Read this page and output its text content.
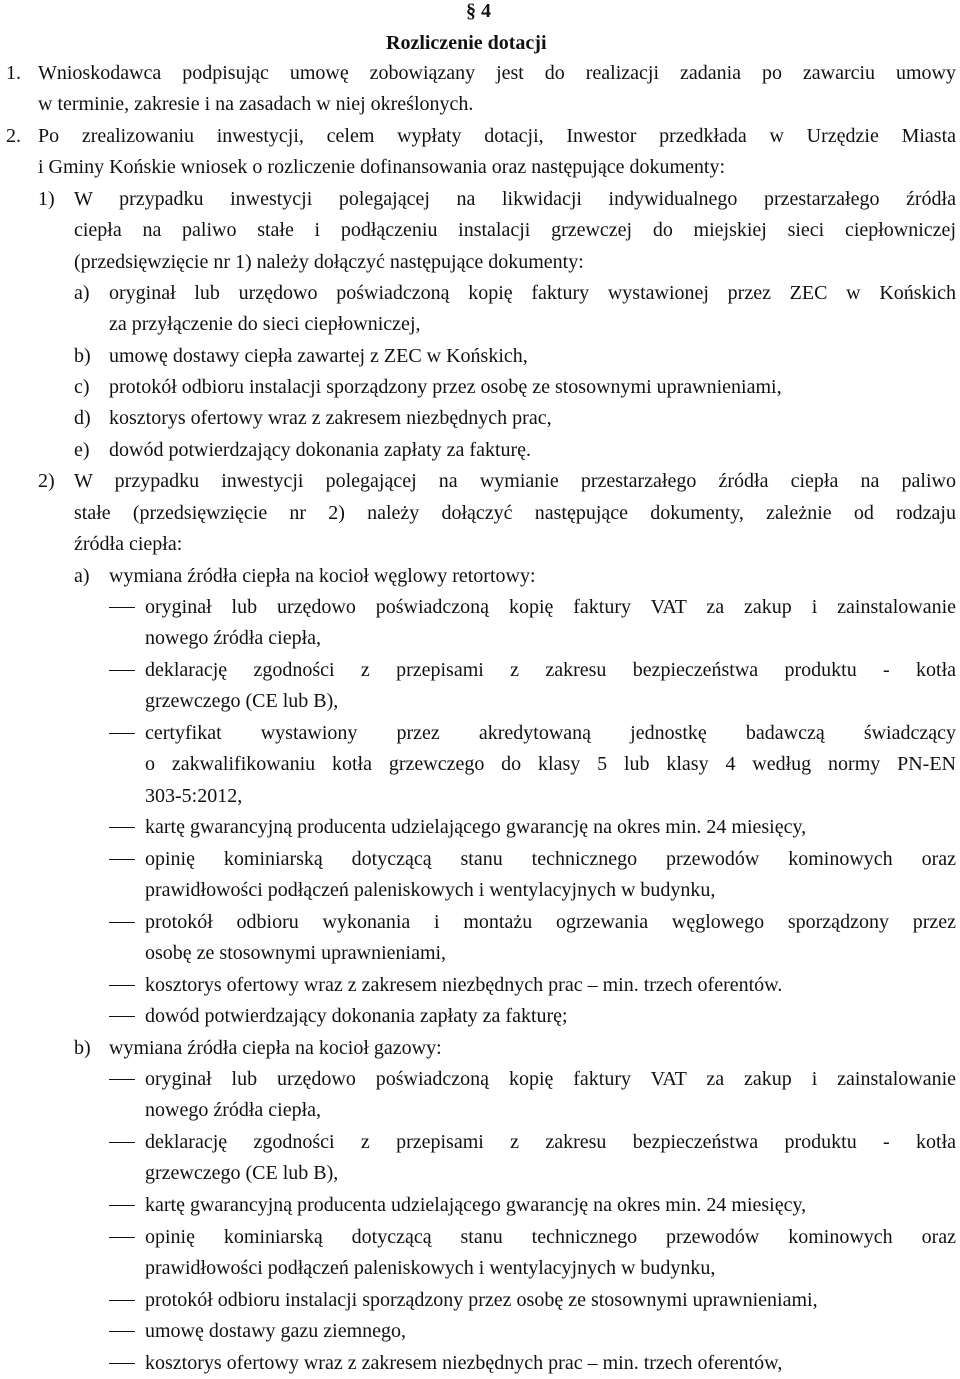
§ 4
Rozliczenie dotacji
1. Wnioskodawca podpisując umowę zobowiązany jest do realizacji zadania po zawarciu umowy
w terminie, zakresie i na zasadach w niej określonych.
2. Po zrealizowaniu inwestycji, celem wypłaty dotacji, Inwestor przedkłada w Urzędzie Miasta
i Gminy Końskie wniosek o rozliczenie dofinansowania oraz następujące dokumenty:
1) W przypadku inwestycji polegającej na likwidacji indywidualnego przestarzałego źródła
ciepła na paliwo stałe i podłączeniu instalacji grzewczej do miejskiej sieci ciepłowniczej
(przedsięwzięcie nr 1) należy dołączyć następujące dokumenty:
a) oryginał lub urzędowo poświadczoną kopię faktury wystawionej przez ZEC w Końskich
za przyłączenie do sieci ciepłowniczej,
b) umowę dostawy ciepła zawartej z ZEC w Końskich,
c) protokół odbioru instalacji sporządzony przez osobę ze stosownymi uprawnieniami,
d) kosztorys ofertowy wraz z zakresem niezbędnych prac,
e) dowód potwierdzający dokonania zapłaty za fakturę.
2) W przypadku inwestycji polegającej na wymianie przestarzałego źródła ciepła na paliwo
stałe (przedsięwzięcie nr 2) należy dołączyć następujące dokumenty, zależnie od rodzaju
źródła ciepła:
a) wymiana źródła ciepła na kocioł węglowy retortowy:
oryginał lub urzędowo poświadczoną kopię faktury VAT za zakup i zainstalowanie
nowego źródła ciepła,
deklarację zgodności z przepisami z zakresu bezpieczeństwa produktu - kotła
grzewczego (CE lub B),
certyfikat wystawiony przez akredytowaną jednostkę badawczą świadczący
o zakwalifikowaniu kotła grzewczego do klasy 5 lub klasy 4 według normy PN-EN
303-5:2012,
kartę gwarancyjną producenta udzielającego gwarancję na okres min. 24 miesięcy,
opinię kominiarską dotyczącą stanu technicznego przewodów kominowych oraz
prawidłowości podłączeń paleniskowych i wentylacyjnych w budynku,
protokół odbioru wykonania i montażu ogrzewania węglowego sporządzony przez
osobę ze stosownymi uprawnieniami,
kosztorys ofertowy wraz z zakresem niezbędnych prac – min. trzech oferentów.
dowód potwierdzający dokonania zapłaty za fakturę;
b) wymiana źródła ciepła na kocioł gazowy:
oryginał lub urzędowo poświadczoną kopię faktury VAT za zakup i zainstalowanie
nowego źródła ciepła,
deklarację zgodności z przepisami z zakresu bezpieczeństwa produktu - kotła
grzewczego (CE lub B),
kartę gwarancyjną producenta udzielającego gwarancję na okres min. 24 miesięcy,
opinię kominiarską dotyczącą stanu technicznego przewodów kominowych oraz
prawidłowości podłączeń paleniskowych i wentylacyjnych w budynku,
protokół odbioru instalacji sporządzony przez osobę ze stosownymi uprawnieniami,
umowę dostawy gazu ziemnego,
kosztorys ofertowy wraz z zakresem niezbędnych prac – min. trzech oferentów,
